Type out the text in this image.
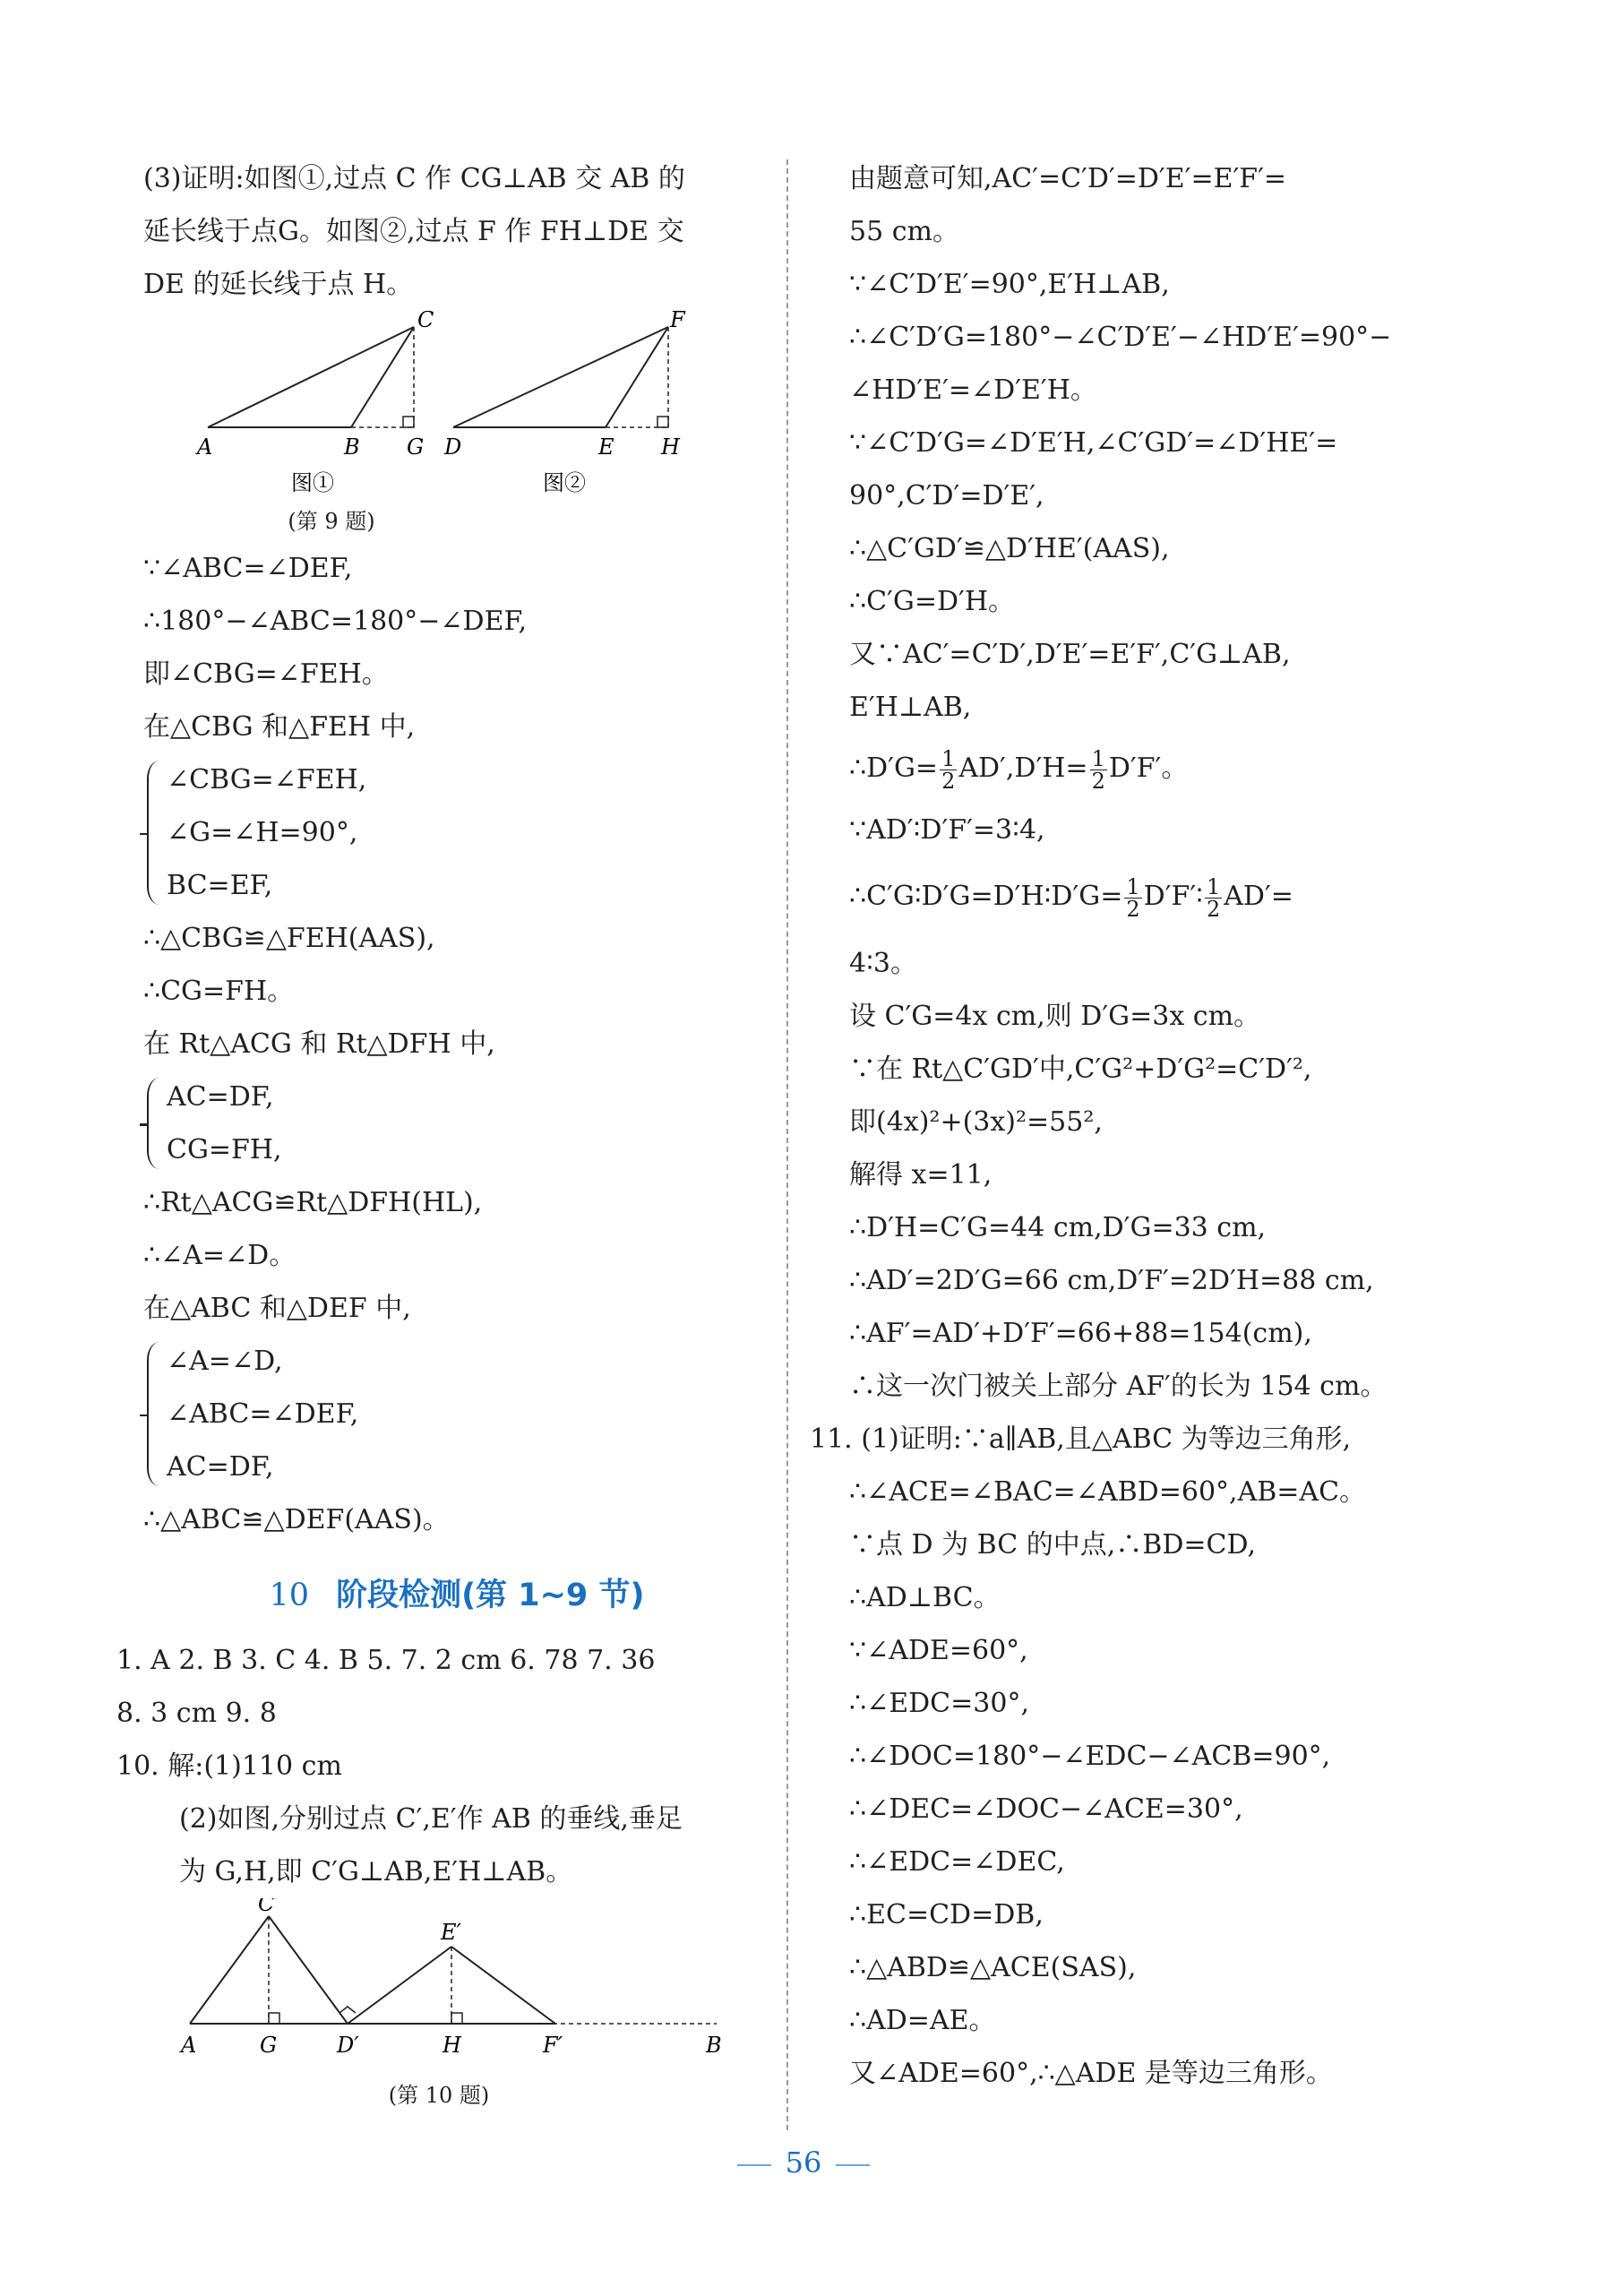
(3)证明:如图①,过点 C 作 CG⊥AB 交 AB 的
延长线于点G。如图②,过点 F 作 FH⊥DE 交
DE 的延长线于点 H。
A	B G
C
图①
D	E H
F
图②
(第 9 题)
∵∠ABC=∠DEF,
∴180°−∠ABC=180°−∠DEF,
即∠CBG=∠FEH。
在△CBG 和△FEH 中,
∠CBG=∠FEH,
∠G=∠H=90°,
BC=EF,
∴△CBG≌△FEH(AAS),
∴CG=FH。
在 Rt△ACG 和 Rt△DFH 中,
AC=DF,
CG=FH,
∴Rt△ACG≌Rt△DFH(HL),
∴∠A=∠D。
在△ABC 和△DEF 中,
∠A=∠D,
∠ABC=∠DEF,
AC=DF,
∴△ABC≌△DEF(AAS)。
10 阶段检测(第 1~9 节)
1. A 2. B 3. C 4. B 5. 7. 2 cm 6. 78 7. 36
8. 3 cm 9. 8
10. 解:(1)110 cm
(2)如图,分别过点 C′,E′作 AB 的垂线,垂足
为 G,H,即 C′G⊥AB,E′H⊥AB。
A	G	D′	H	F′	B
C′
E′
(第 10 题)
由题意可知,AC′=C′D′=D′E′=E′F′=
55 cm。
∵∠C′D′E′=90°,E′H⊥AB,
∴∠C′D′G=180°−∠C′D′E′−∠HD′E′=90°−
∠HD′E′=∠D′E′H。
∵∠C′D′G=∠D′E′H,∠C′GD′=∠D′HE′=
90°,C′D′=D′E′,
∴△C′GD′≌△D′HE′(AAS),
∴C′G=D′H。
又∵AC′=C′D′,D′E′=E′F′,C′G⊥AB,
E′H⊥AB,
∴D′G= $\frac{1}{2} AD',D'H= \frac{1}{2} D'F'$。
∵AD′∶D′F′=3∶4,
∴C′G∶D′G=D′H∶D′G= $\frac{1}{2}$ D′F′∶ $\frac{1}{2} AD'=$
4∶3。
设 C′G=4x cm,则 D′G=3x cm。
∵在 Rt△C′GD′中,C′G²+D′G²=C′D′²,
即(4x)²+(3x)²=55²,
解得 x=11,
∴D′H=C′G=44 cm,D′G=33 cm,
∴AD′=2D′G=66 cm,D′F′=2D′H=88 cm,
∴AF′=AD′+D′F′=66+88=154(cm),
∴这一次门被关上部分 AF′的长为 154 cm。
11. (1)证明:∵a∥AB,且△ABC 为等边三角形,
∴∠ACE=∠BAC=∠ABD=60°,AB=AC。
∵点 D 为 BC 的中点,∴BD=CD,
∴AD⊥BC。
∵∠ADE=60°,
∴∠EDC=30°,
∴∠DOC=180°−∠EDC−∠ACB=90°,
∴∠DEC=∠DOC−∠ACE=30°,
∴∠EDC=∠DEC,
∴EC=CD=DB,
∴△ABD≌△ACE(SAS),
∴AD=AE。
又∠ADE=60°,∴△ADE 是等边三角形。
56
